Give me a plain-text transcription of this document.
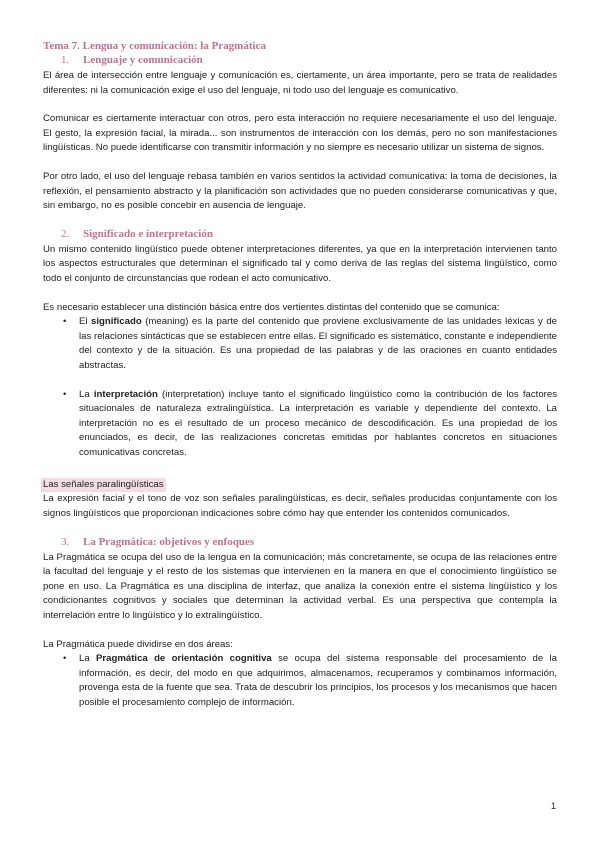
Tema 7. Lengua y comunicación: la Pragmática
1. Lenguaje y comunicación

El área de intersección entre lenguaje y comunicación es, ciertamente, un área importante, pero se trata de realidades diferentes: ni la comunicación exige el uso del lenguaje, ni todo uso del lenguaje es comunicativo.

Comunicar es ciertamente interactuar con otros, pero esta interacción no requiere necesariamente el uso del lenguaje. El gesto, la expresión facial, la mirada... son instrumentos de interacción con los demás, pero no son manifestaciones lingüísticas. No puede identificarse con transmitir información y no siempre es necesario utilizar un sistema de signos.

Por otro lado, el uso del lenguaje rebasa también en varios sentidos la actividad comunicativa: la toma de decisiones, la reflexión, el pensamiento abstracto y la planificación son actividades que no pueden considerarse comunicativas y que, sin embargo, no es posible concebir en ausencia de lenguaje.

2. Significado e interpretación

Un mismo contenido lingüístico puede obtener interpretaciones diferentes, ya que en la interpretación intervienen tanto los aspectos estructurales que determinan el significado tal y como deriva de las reglas del sistema lingüístico, como todo el conjunto de circunstancias que rodean el acto comunicativo.

Es necesario establecer una distinción básica entre dos vertientes distintas del contenido que se comunica:

• El significado (meaning) es la parte del contenido que proviene exclusivamente de las unidades léxicas y de las relaciones sintácticas que se establecen entre ellas. El significado es sistemático, constante e independiente del contexto y de la situación. Es una propiedad de las palabras y de las oraciones en cuanto entidades abstractas.
• La interpretación (interpretation) incluye tanto el significado lingüístico como la contribución de los factores situacionales de naturaleza extralingüística. La interpretación es variable y dependiente del contexto. La interpretación no es el resultado de un proceso mecánico de descodificación. Es una propiedad de los enunciados, es decir, de las realizaciones concretas emitidas por hablantes concretos en situaciones comunicativas concretas.
Las señales paralingüísticas

La expresión facial y el tono de voz son señales paralingüísticas, es decir, señales producidas conjuntamente con los signos lingüísticos que proporcionan indicaciones sobre cómo hay que entender los contenidos comunicados.

3. La Pragmática: objetivos y enfoques

La Pragmática se ocupa del uso de la lengua en la comunicación; más concretamente, se ocupa de las relaciones entre la facultad del lenguaje y el resto de los sistemas que intervienen en la manera en que el conocimiento lingüístico se pone en uso. La Pragmática es una disciplina de interfaz, que analiza la conexión entre el sistema lingüístico y los condicionantes cognitivos y sociales que determinan la actividad verbal. Es una perspectiva que contempla la interrelación entre lo lingüístico y lo extralingüístico.

La Pragmática puede dividirse en dos áreas:

• La Pragmática de orientación cognitiva se ocupa del sistema responsable del procesamiento de la información, es decir, del modo en que adquirimos, almacenamos, recuperamos y combinamos información, provenga esta de la fuente que sea. Trata de descubrir los principios, los procesos y los mecanismos que hacen posible el procesamiento complejo de información.
1
